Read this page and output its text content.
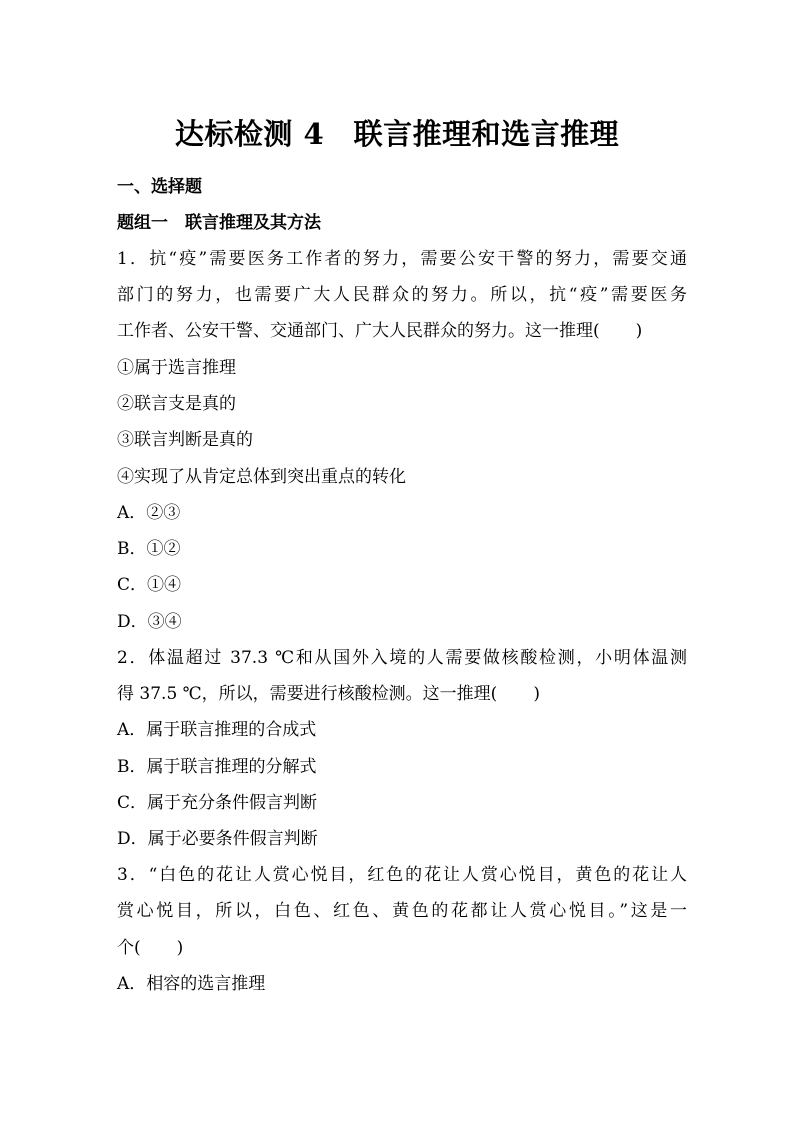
达标检测 4　联言推理和选言推理
一、选择题
题组一　联言推理及其方法
1．抗“疫”需要医务工作者的努力，需要公安干警的努力，需要交通
部门的努力，也需要广大人民群众的努力。所以，抗“疫”需要医务
工作者、公安干警、交通部门、广大人民群众的努力。这一推理( )
①属于选言推理
②联言支是真的
③联言判断是真的
④实现了从肯定总体到突出重点的转化
A．②③
B．①②
C．①④
D．③④
2．体温超过 37.3 ℃和从国外入境的人需要做核酸检测，小明体温测
得 37.5 ℃，所以，需要进行核酸检测。这一推理( )
A．属于联言推理的合成式
B．属于联言推理的分解式
C．属于充分条件假言判断
D．属于必要条件假言判断
3．“白色的花让人赏心悦目，红色的花让人赏心悦目，黄色的花让人
赏心悦目，所以，白色、红色、黄色的花都让人赏心悦目。”这是一
个( )
A．相容的选言推理
